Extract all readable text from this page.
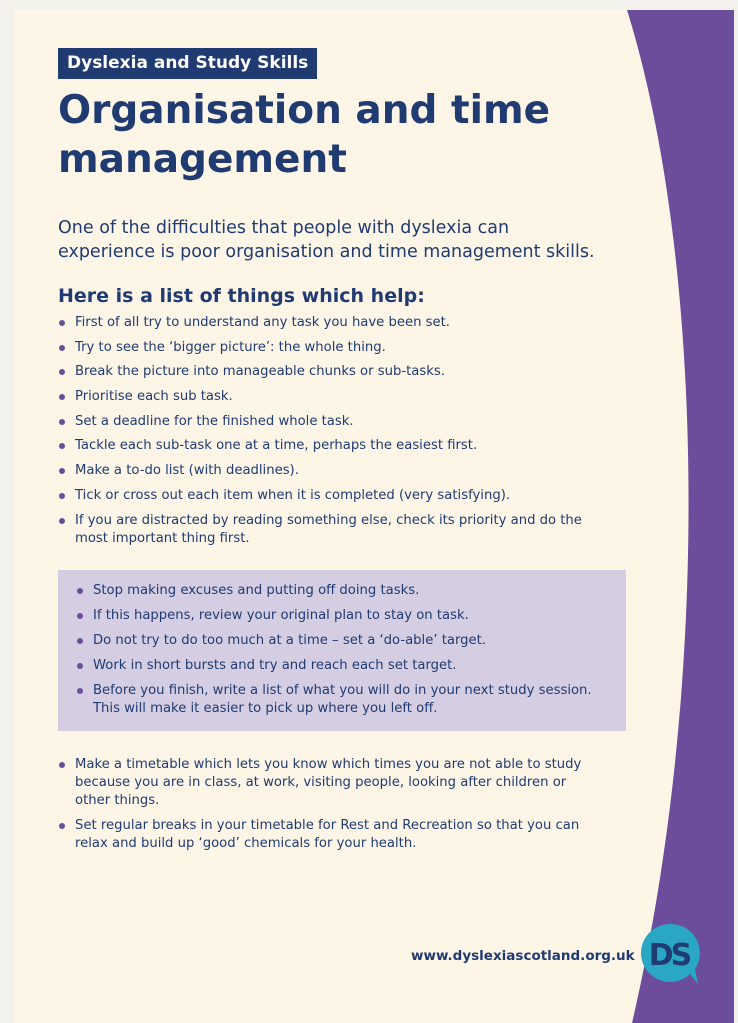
Dyslexia and Study Skills
Organisation and time
management
One of the difficulties that people with dyslexia can
experience is poor organisation and time management skills.
Here is a list of things which help:
First of all try to understand any task you have been set.
Try to see the ‘bigger picture’: the whole thing.
Break the picture into manageable chunks or sub-tasks.
Prioritise each sub task.
Set a deadline for the finished whole task.
Tackle each sub-task one at a time, perhaps the easiest first.
Make a to-do list (with deadlines).
Tick or cross out each item when it is completed (very satisfying).
If you are distracted by reading something else, check its priority and do the most important thing first.
Stop making excuses and putting off doing tasks.
If this happens, review your original plan to stay on task.
Do not try to do too much at a time – set a ‘do-able’ target.
Work in short bursts and try and reach each set target.
Before you finish, write a list of what you will do in your next study session. This will make it easier to pick up where you left off.
Make a timetable which lets you know which times you are not able to study because you are in class, at work, visiting people, looking after children or other things.
Set regular breaks in your timetable for Rest and Recreation so that you can relax and build up ‘good’ chemicals for your health.
www.dyslexiascotland.org.uk DS
